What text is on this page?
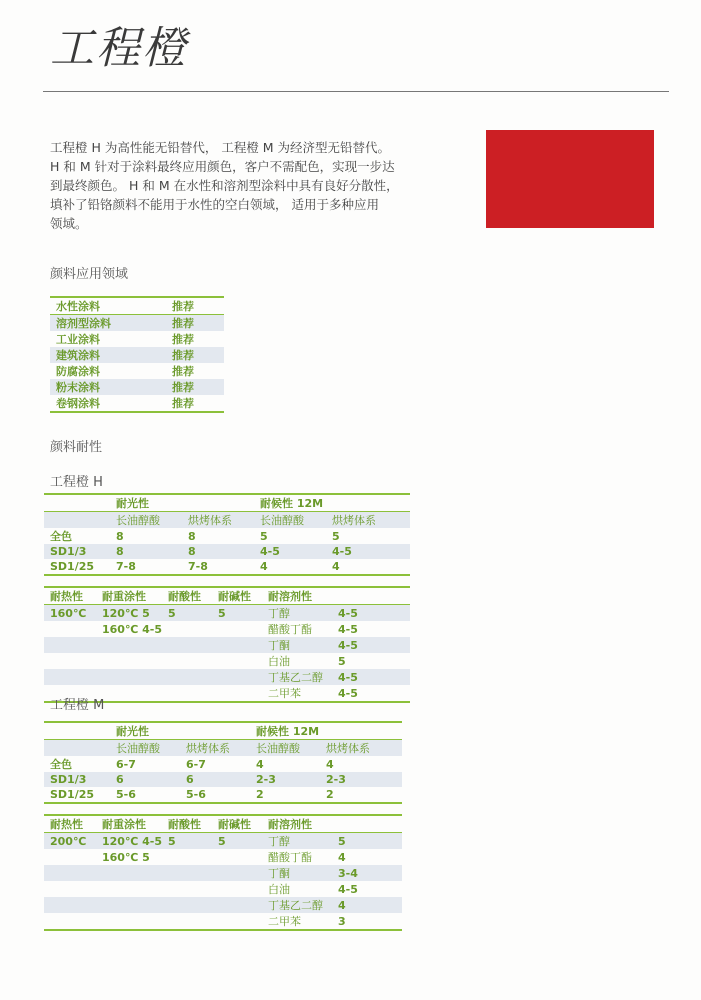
工程橙
工程橙 H 为高性能无铅替代， 工程橙 M 为经济型无铅替代。
H 和 M 针对于涂料最终应用颜色，客户不需配色，实现一步达
到最终颜色。 H 和 M 在水性和溶剂型涂料中具有良好分散性，
填补了铅铬颜料不能用于水性的空白领域， 适用于多种应用
领域。
颜料应用领域
水性涂料	推荐
溶剂型涂料	推荐
工业涂料	推荐
建筑涂料	推荐
防腐涂料	推荐
粉末涂料	推荐
卷钢涂料	推荐
颜料耐性
工程橙 H
	耐光性		耐候性 12M	
	长油醇酸	烘烤体系	长油醇酸	烘烤体系
全色	8	8	5	5
SD1/3	8	8	4-5	4-5
SD1/25	7-8	7-8	4	4
耐热性	耐重涂性	耐酸性	耐碱性	耐溶剂性	
160℃	120℃ 5	5	5	丁醇	4-5
	160℃ 4-5			醋酸丁酯	4-5
				丁酮	4-5
				白油	5
				丁基乙二醇	4-5
				二甲苯	4-5
工程橙 M
	耐光性		耐候性 12M	
	长油醇酸	烘烤体系	长油醇酸	烘烤体系
全色	6-7	6-7	4	4
SD1/3	6	6	2-3	2-3
SD1/25	5-6	5-6	2	2
耐热性	耐重涂性	耐酸性	耐碱性	耐溶剂性	
200℃	120℃ 4-5	5	5	丁醇	5
	160℃ 5			醋酸丁酯	4
				丁酮	3-4
				白油	4-5
				丁基乙二醇	4
				二甲苯	3
